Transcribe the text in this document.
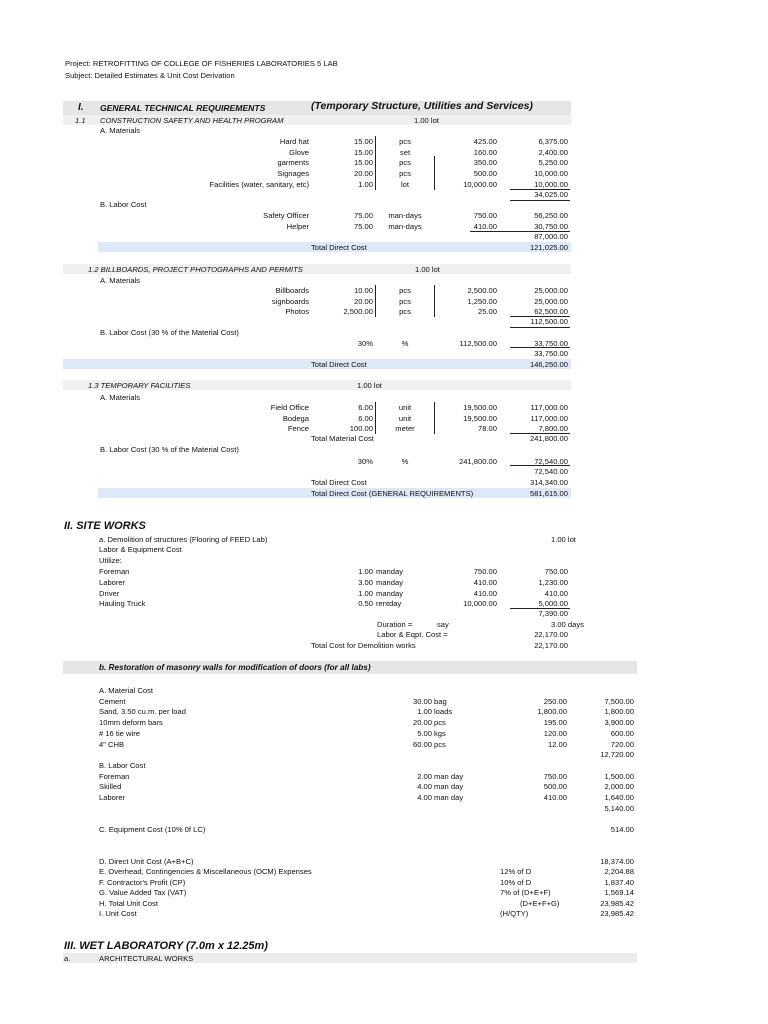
Project: RETROFITTING OF COLLEGE OF FISHERIES LABORATORIES 5 LAB
Subject: Detailed Estimates & Unit Cost Derivation
I. GENERAL TECHNICAL REQUIREMENTS	(Temporary Structure, Utilities and Services)
1.1 CONSTRUCTION SAFETY AND HEALTH PROGRAM	1.00 lot
A. Materials
Hard hat	15.00	pcs	425.00	6,375.00
Glove	15.00	set	160.00	2,400.00
garments	15.00	pcs	350.00	5,250.00
Signages	20.00	pcs	500.00	10,000.00
Facilities (water, sanitary, etc)	1.00	lot	10,000.00	10,000.00
34,025.00
B. Labor Cost
Safety Officer	75.00	man-days	750.00	56,250.00
Helper	75.00	man-days	410.00	30,750.00
87,000.00
Total Direct Cost	121,025.00
1.2 BILLBOARDS, PROJECT PHOTOGRAPHS AND PERMITS	1.00 lot
A. Materials
Billboards	10.00	pcs	2,500.00	25,000.00
signboards	20.00	pcs	1,250.00	25,000.00
Photos	2,500.00	pcs	25.00	62,500.00
112,500.00
B. Labor Cost (30 % of the Material Cost)
30%	%	112,500.00	33,750.00
33,750.00
Total Direct Cost	146,250.00
1.3 TEMPORARY FACILITIES	1.00 lot
A. Materials
Field Office	6.00	unit	19,500.00	117,000.00
Bodega	6.00	unit	19,500.00	117,000.00
Fence	100.00	meter	78.00	7,800.00
Total Material Cost	241,800.00
B. Labor Cost (30 % of the Material Cost)
30%	%	241,800.00	72,540.00
72,540.00
Total Direct Cost	314,340.00
Total Direct Cost (GENERAL REQUIREMENTS)	581,615.00
II. SITE WORKS
a. Demolition of structures (Flooring of FEED Lab)	1.00 lot
Labor & Equipment Cost
Utilize:
Foreman	1.00 manday	750.00	750.00
Laborer	3.00 manday	410.00	1,230.00
Driver	1.00 manday	410.00	410.00
Hauling Truck	0.50 rentday	10,000.00	5,000.00
7,390.00
Duration =	say	3.00 days
Labor & Eqpt. Cost =	22,170.00
Total Cost for Demolition works	22,170.00
b. Restoration of masonry walls for modification of doors (for all labs)
A. Material Cost
Cement	30.00 bag	250.00	7,500.00
Sand, 3.50 cu.m. per load	1.00 loads	1,800.00	1,800.00
10mm deform bars	20.00 pcs	195.00	3,900.00
# 16 tie wire	5.00 kgs	120.00	600.00
4" CHB	60.00 pcs	12.00	720.00
12,720.00
B. Labor Cost
Foreman	2.00 man day	750.00	1,500.00
Skilled	4.00 man day	500.00	2,000.00
Laborer	4.00 man day	410.00	1,640.00
5,140.00
C. Equipment Cost (10% 0f LC)	514.00
D. Direct Unit Cost (A+B+C)	18,374.00
E. Overhead, Contingencies & Miscellaneous (OCM) Expenses	12% of D	2,204.88
F. Contractor's Profit (CP)	10% of D	1,837.40
G. Value Added Tax (VAT)	7% of (D+E+F)	1,569.14
H. Total Unit Cost	(D+E+F+G)	23,985.42
I. Unit Cost	(H/QTY)	23,985.42
III. WET LABORATORY (7.0m x 12.25m)
a.	ARCHITECTURAL WORKS
